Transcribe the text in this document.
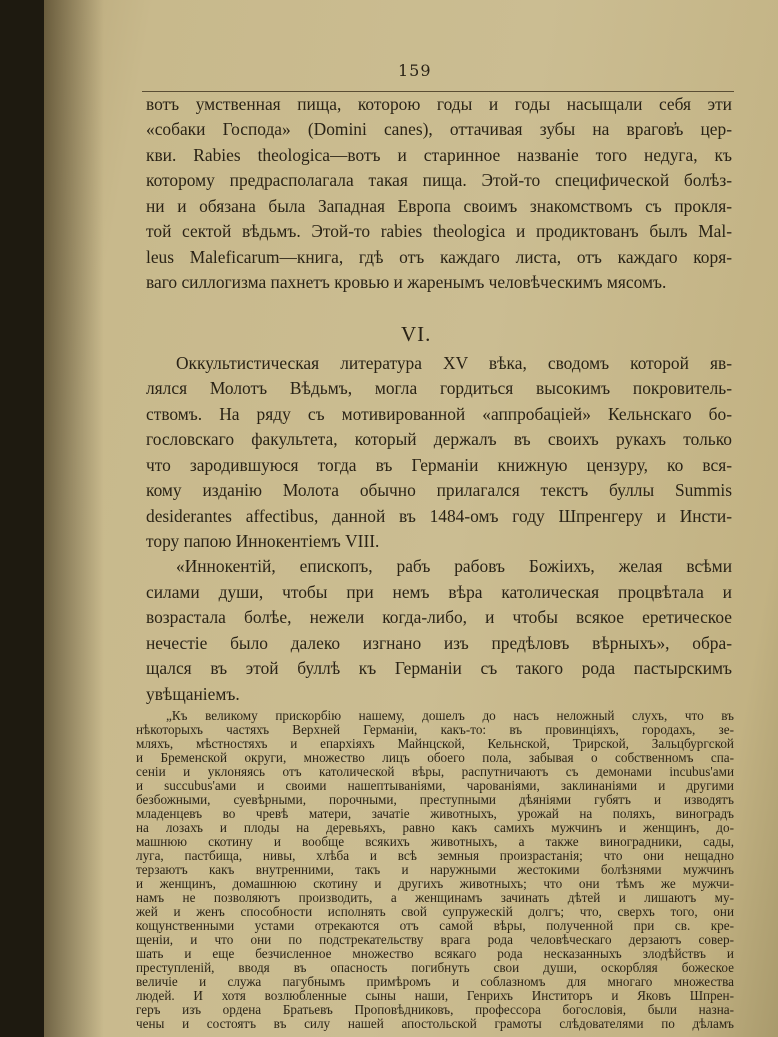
159
вотъ умственная пища, которою годы и годы насыщали себя эти
«собаки Господа» (Domini canes), оттачивая зубы на врагов̕ъ цер-
кви. Rabies theologica—вотъ и старинное названіе того недуга, къ
которому предрасполагала такая пища. Этой-то специфической болѣз-
ни и обязана была Западная Европа своимъ знакомствомъ съ прокля-
той сектой вѣдьмъ. Этой-то rabies theologica и продиктованъ былъ Mal-
leus Maleficarum—книга, гдѣ отъ каждаго листа, отъ каждаго коря-
ваго силлогизма пахнетъ кровью и жаренымъ человѣческимъ мясомъ.
VI.
Оккультистическая литература XV вѣка, сводомъ которой яв-
лялся Молотъ Вѣдьмъ, могла гордиться высокимъ покровитель-
ствомъ. На ряду съ мотивированной «аппробаціей» Кельнскаго бо-
гословскаго факультета, который держалъ въ своихъ рукахъ только
что зародившуюся тогда въ Германіи книжную цензуру, ко вся-
кому изданію Молота обычно прилагался текстъ буллы Summis
desiderantes affectibus, данной въ 1484-омъ году Шпренгеру и Инсти-
тору папою Иннокентіемъ VIII.
«Иннокентій, епископъ, рабъ рабовъ Божіихъ, желая всѣми
силами души, чтобы при немъ вѣра католическая процвѣтала и
возрастала болѣе, нежели когда-либо, и чтобы всякое еретическое
нечестіе было далеко изгнано изъ предѣловъ вѣрныхъ», обра-
щался въ этой буллѣ къ Германіи съ такого рода пастырскимъ
увѣщаніемъ.
„Къ великому прискорбію нашему, дошелъ до насъ неложный слухъ, что въ
нѣкоторыхъ частяхъ Верхней Германіи, какъ-то: въ провинціяхъ, городахъ, зе-
мляхъ, мѣстностяхъ и епархіяхъ Майнцской, Кельнской, Трирской, Зальцбургской
и Бременской округи, множество лицъ обоего пола, забывая о собственномъ спа-
сеніи и уклоняясь отъ католической вѣры, распутничаютъ съ демонами incubus'ами
и succubus'ами и своими нашептываніями, чарованіями, заклинаніями и другими
безбожными, суевѣрными, порочными, преступными дѣяніями губятъ и изводятъ
младенцевъ во чревѣ матери, зачатіе животныхъ, урожай на поляхъ, виноградъ
на лозахъ и плоды на деревьяхъ, равно какъ самихъ мужчинъ и женщинъ, до-
машнюю скотину и вообще всякихъ животныхъ, а также виноградники, сады,
луга, пастбища, нивы, хлѣба и всѣ земныя произрастанія; что они нещадно
терзаютъ какъ внутренними, такъ и наружными жестокими болѣзнями мужчинъ
и женщинъ, домашнюю скотину и другихъ животныхъ; что они тѣмъ же мужчи-
намъ не позволяютъ производить, а женщинамъ зачинать дѣтей и лишаютъ му-
жей и женъ способности исполнять свой супружескій долгъ; что, сверхъ того, они
кощунственными устами отрекаются отъ самой вѣры, полученной при св. кре-
щеніи, и что они по подстрекательству врага рода человѣческаго дерзаютъ совер-
шать и еще безчисленное множество всякаго рода несказанныхъ злодѣйствъ и
преступленій, вводя въ опасность погибнуть свои души, оскорбляя божеское
величіе и служа пагубнымъ примѣромъ и соблазномъ для многаго множества
людей. И хотя возлюбленные сыны наши, Генрихъ Инститоръ и Яковъ Шпрен-
геръ изъ ордена Братьевъ Проповѣдниковъ, профессора богословія, были назна-
чены и состоятъ въ силу нашей апостольской грамоты слѣдователями по дѣламъ
